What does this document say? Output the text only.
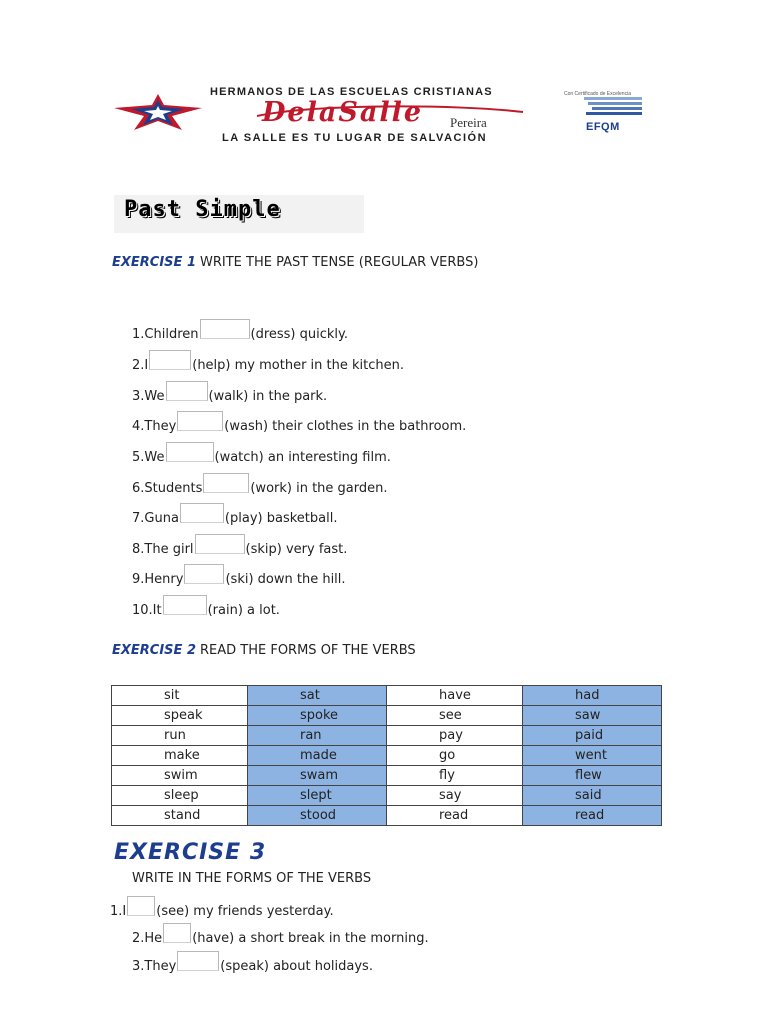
HERMANOS DE LAS ESCUELAS CRISTIANAS
DelaSalle Pereira
LA SALLE ES TU LUGAR DE SALVACIÓN
Con Certificado de Excelencia
EFQM
Past Simple
EXERCISE 1 WRITE THE PAST TENSE (REGULAR VERBS)
1.Children	(dress) quickly.
2.I	(help) my mother in the kitchen.
3.We	(walk) in the park.
4.They	(wash) their clothes in the bathroom.
5.We	(watch) an interesting film.
6.Students	(work) in the garden.
7.Guna	(play) basketball.
8.The girl	(skip) very fast.
9.Henry	(ski) down the hill.
10.It	(rain) a lot.
EXERCISE 2 READ THE FORMS OF THE VERBS
sit	sat	have	had
speak	spoke	see	saw
run	ran	pay	paid
make	made	go	went
swim	swam	fly	flew
sleep	slept	say	said
stand	stood	read	read
EXERCISE 3
WRITE IN THE FORMS OF THE VERBS
1.I (see) my friends yesterday.
2.He (have) a short break in the morning.
3.They	(speak) about holidays.
